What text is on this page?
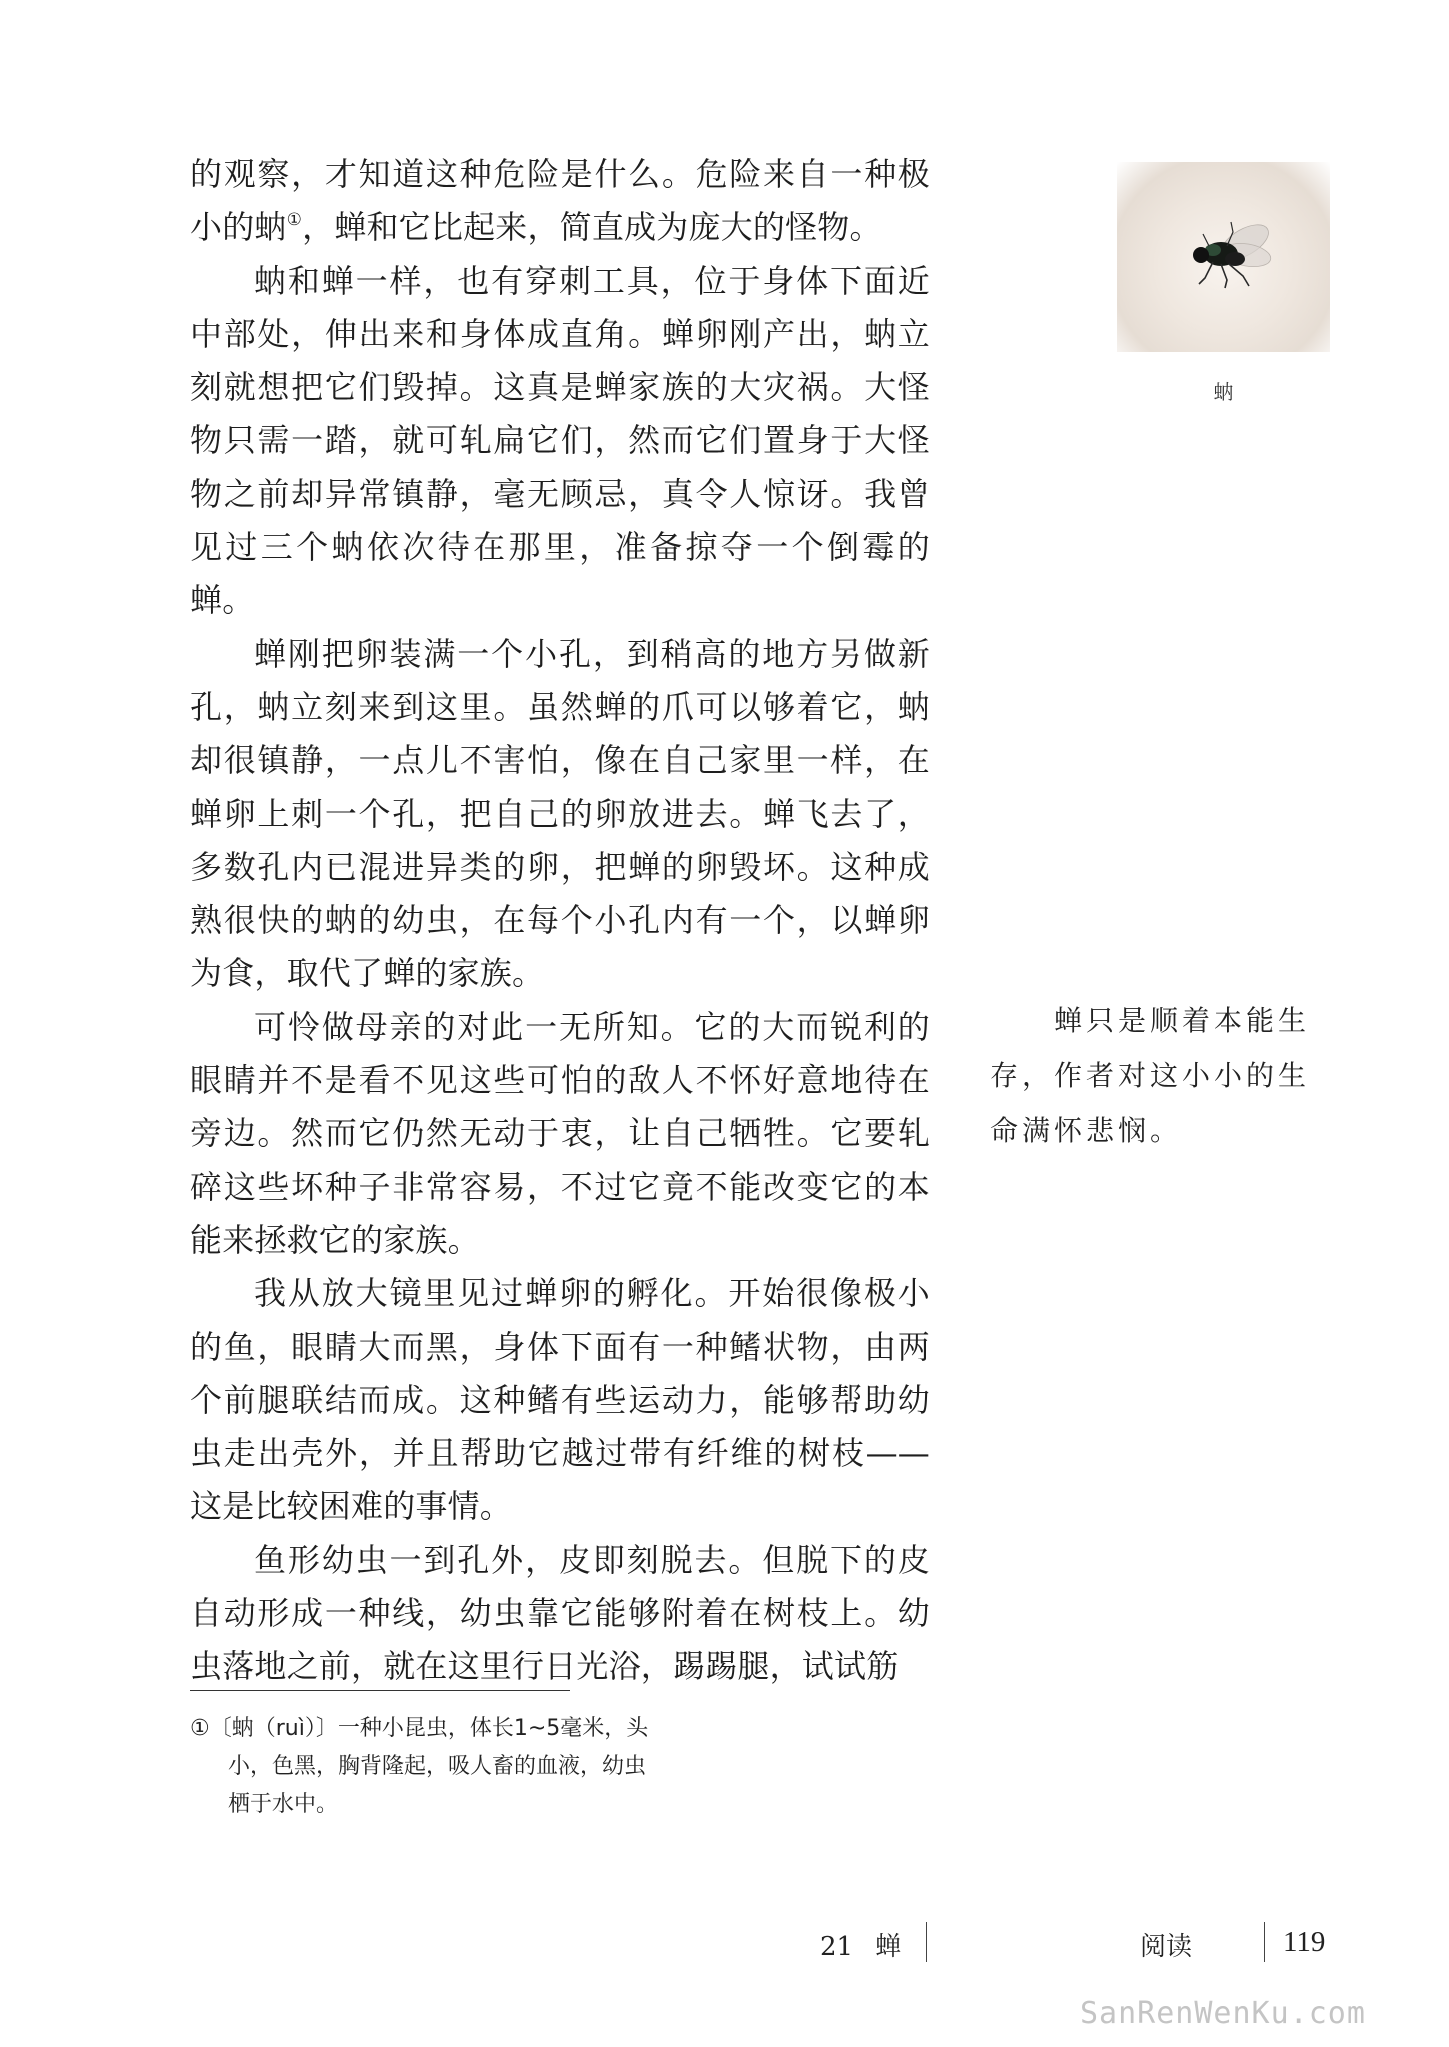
的观察，才知道这种危险是什么。危险来自一种极小的蚋①，蝉和它比起来，简直成为庞大的怪物。

蚋和蝉一样，也有穿刺工具，位于身体下面近中部处，伸出来和身体成直角。蝉卵刚产出，蚋立刻就想把它们毁掉。这真是蝉家族的大灾祸。大怪物只需一踏，就可轧扁它们，然而它们置身于大怪物之前却异常镇静，毫无顾忌，真令人惊讶。我曾见过三个蚋依次待在那里，准备掠夺一个倒霉的蝉。

蝉刚把卵装满一个小孔，到稍高的地方另做新孔，蚋立刻来到这里。虽然蝉的爪可以够着它，蚋却很镇静，一点儿不害怕，像在自己家里一样，在蝉卵上刺一个孔，把自己的卵放进去。蝉飞去了，多数孔内已混进异类的卵，把蝉的卵毁坏。这种成熟很快的蚋的幼虫，在每个小孔内有一个，以蝉卵为食，取代了蝉的家族。

可怜做母亲的对此一无所知。它的大而锐利的眼睛并不是看不见这些可怕的敌人不怀好意地待在旁边。然而它仍然无动于衷，让自己牺牲。它要轧碎这些坏种子非常容易，不过它竟不能改变它的本能来拯救它的家族。

我从放大镜里见过蝉卵的孵化。开始很像极小的鱼，眼睛大而黑，身体下面有一种鳍状物，由两个前腿联结而成。这种鳍有些运动力，能够帮助幼虫走出壳外，并且帮助它越过带有纤维的树枝——这是比较困难的事情。

鱼形幼虫一到孔外，皮即刻脱去。但脱下的皮自动形成一种线，幼虫靠它能够附着在树枝上。幼虫落地之前，就在这里行日光浴，踢踢腿，试试筋

蚋

蝉只是顺着本能生存，作者对这小小的生命满怀悲悯。

①〔蚋（ruì）〕一种小昆虫，体长1~5毫米，头
小，色黑，胸背隆起，吸人畜的血液，幼虫
栖于水中。
21 蝉	阅读	119
SanRenWenKu.com
